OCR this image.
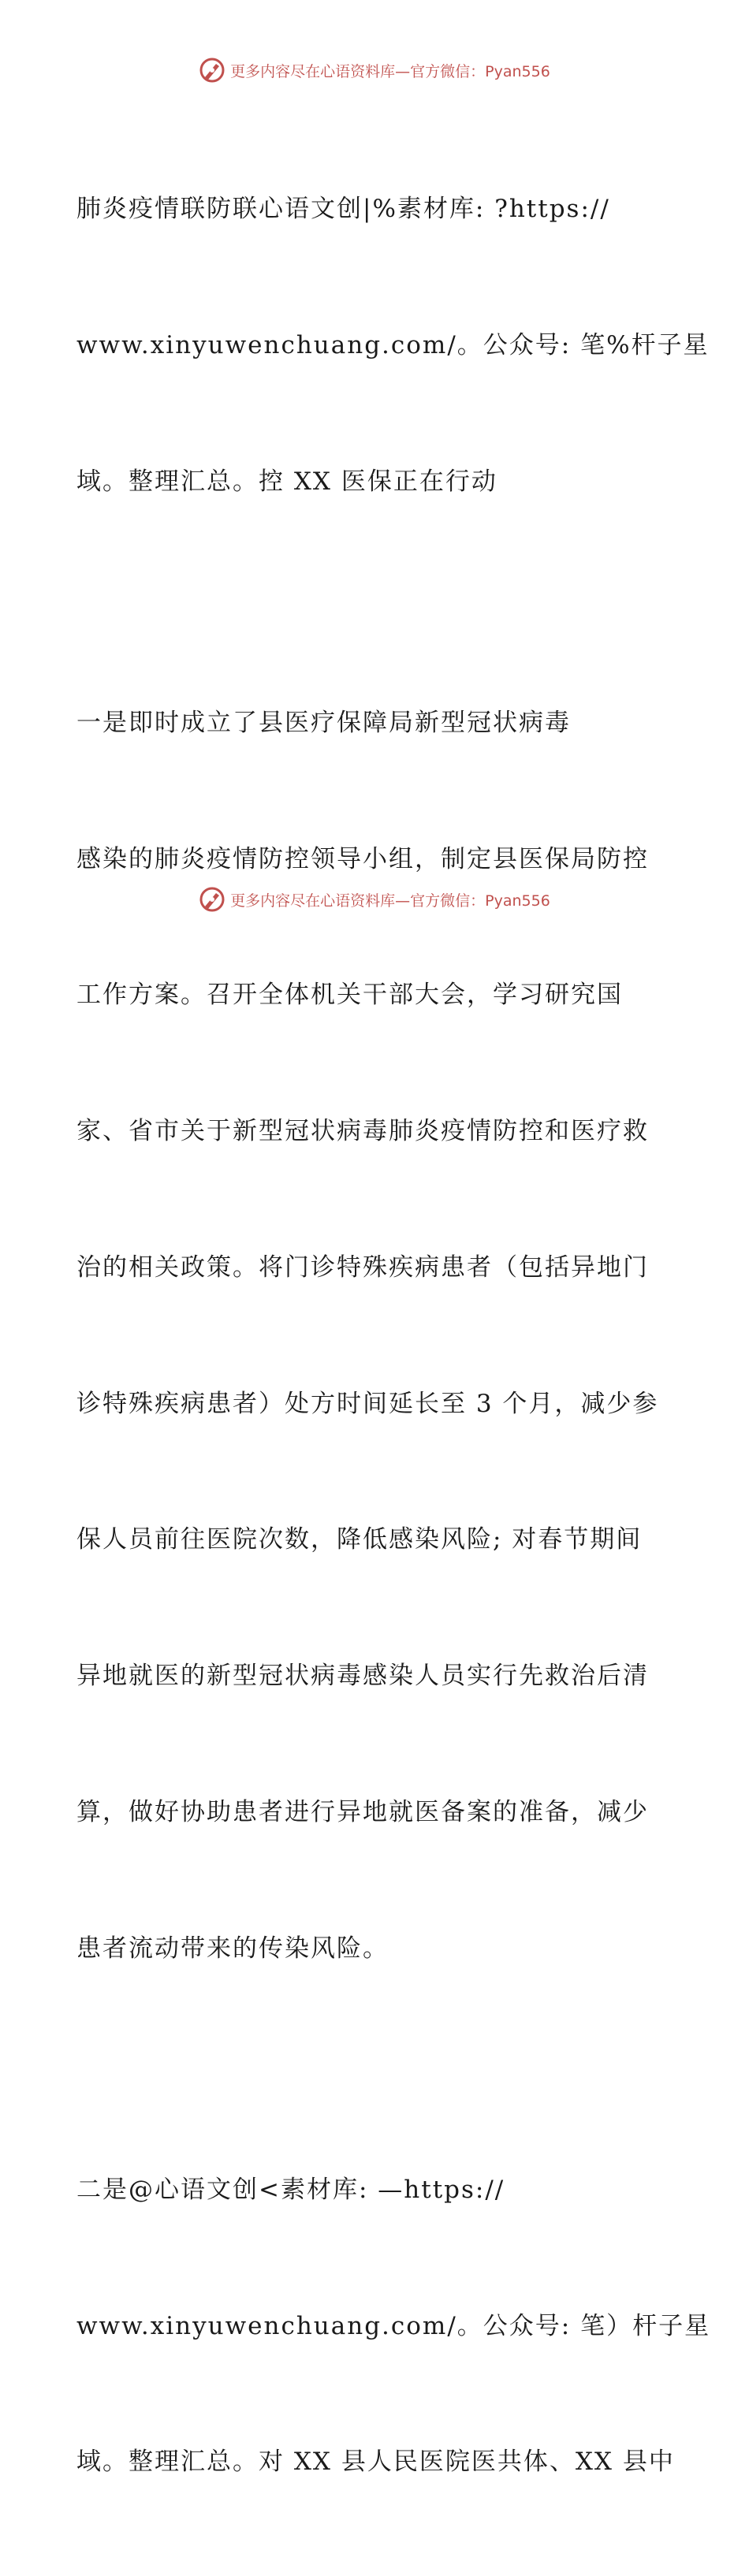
更多内容尽在心语资料库—官方微信：Pyan556

肺炎疫情联防联心语文创|%素材库: ?https://

www.xinyuwenchuang.com/。公众号: 笔%杆子星

域。整理汇总。控 XX 医保正在行动

一是即时成立了县医疗保障局新型冠状病毒

感染的肺炎疫情防控领导小组，制定县医保局防控

工作方案。召开全体机关干部大会，学习研究国

家、省市关于新型冠状病毒肺炎疫情防控和医疗救

治的相关政策。将门诊特殊疾病患者（包括异地门

诊特殊疾病患者）处方时间延长至 3 个月，减少参

保人员前往医院次数，降低感染风险; 对春节期间

异地就医的新型冠状病毒感染人员实行先救治后清

算，做好协助患者进行异地就医备案的准备，减少

患者流动带来的传染风险。

二是@心语文创<素材库: —https://

www.xinyuwenchuang.com/。公众号: 笔）杆子星

域。整理汇总。对 XX 县人民医院医共体、XX 县中

更多内容尽在心语资料库—官方微信：Pyan556
